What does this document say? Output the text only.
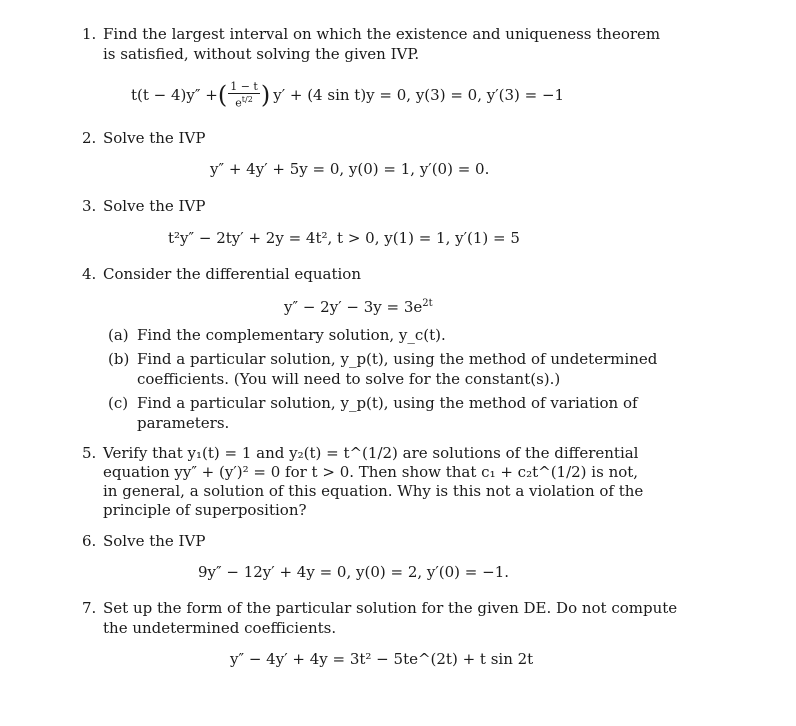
1. Find the largest interval on which the existence and uniqueness theorem
is satisfied, without solving the given IVP.
t(t − 4)y″ + ( $\frac{1 - t}{e^{t/2}}$ ) y′ + (4 sin t)y = 0, y(3) = 0, y′(3) = −1
2. Solve the IVP
y″ + 4y′ + 5y = 0, y(0) = 1, y′(0) = 0.
3. Solve the IVP
t²y″ − 2ty′ + 2y = 4t², t > 0, y(1) = 1, y′(1) = 5
4. Consider the differential equation
$y'' - 2y' - 3y = 3e^{2t}$
(a) Find the complementary solution, y_c(t).
(b) Find a particular solution, y_p(t), using the method of undetermined
coefficients. (You will need to solve for the constant(s).)
(c) Find a particular solution, y_p(t), using the method of variation of
parameters.
5. Verify that y₁(t) = 1 and y₂(t) = t^(1/2) are solutions of the differential
equation yy″ + (y′)² = 0 for t > 0. Then show that c₁ + c₂t^(1/2) is not,
in general, a solution of this equation. Why is this not a violation of the
principle of superposition?
6. Solve the IVP
9y″ − 12y′ + 4y = 0, y(0) = 2, y′(0) = −1.
7. Set up the form of the particular solution for the given DE. Do not compute
the undetermined coefficients.
y″ − 4y′ + 4y = 3t² − 5te^(2t) + t sin 2t
